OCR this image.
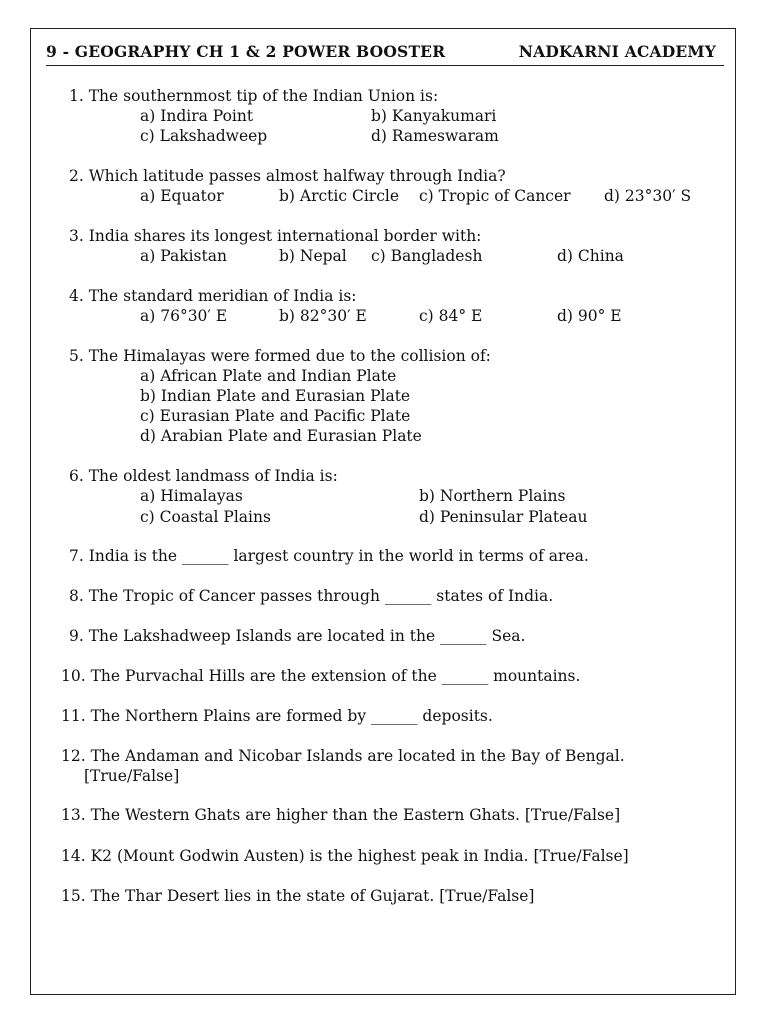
9 - GEOGRAPHY CH 1 & 2 POWER BOOSTER	NADKARNI ACADEMY
1. The southernmost tip of the Indian Union is:
a) Indira Point	b) Kanyakumari
c) Lakshadweep	d) Rameswaram
2. Which latitude passes almost halfway through India?
a) Equator	b) Arctic Circle c) Tropic of Cancer d) 23°30′ S
3. India shares its longest international border with:
a) Pakistan	b) Nepal c) Bangladesh	d) China
4. The standard meridian of India is:
a) 76°30′ E	b) 82°30′ E	c) 84° E	d) 90° E
5. The Himalayas were formed due to the collision of:
a) African Plate and Indian Plate
b) Indian Plate and Eurasian Plate
c) Eurasian Plate and Pacific Plate
d) Arabian Plate and Eurasian Plate
6. The oldest landmass of India is:
a) Himalayas	b) Northern Plains
c) Coastal Plains	d) Peninsular Plateau
7. India is the ______ largest country in the world in terms of area.
8. The Tropic of Cancer passes through ______ states of India.
9. The Lakshadweep Islands are located in the ______ Sea.
10. The Purvachal Hills are the extension of the ______ mountains.
11. The Northern Plains are formed by ______ deposits.
12. The Andaman and Nicobar Islands are located in the Bay of Bengal.
[True/False]
13. The Western Ghats are higher than the Eastern Ghats. [True/False]
14. K2 (Mount Godwin Austen) is the highest peak in India. [True/False]
15. The Thar Desert lies in the state of Gujarat. [True/False]
